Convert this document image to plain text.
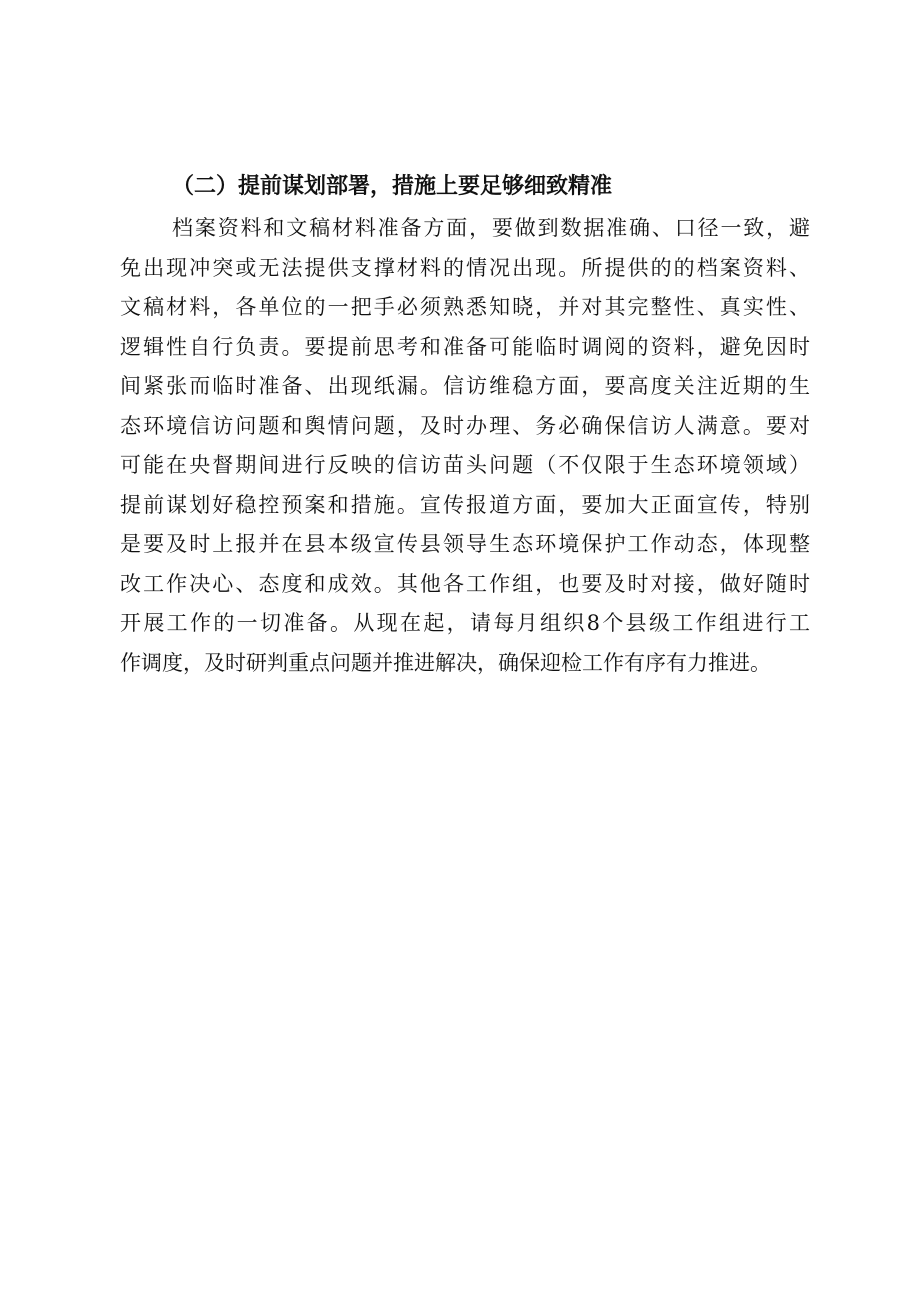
（二）提前谋划部署，措施上要足够细致精准
档案资料和文稿材料准备方面，要做到数据准确、口径一致，避
免出现冲突或无法提供支撑材料的情况出现。所提供的的档案资料、
文稿材料，各单位的一把手必须熟悉知晓，并对其完整性、真实性、
逻辑性自行负责。要提前思考和准备可能临时调阅的资料，避免因时
间紧张而临时准备、出现纸漏。信访维稳方面，要高度关注近期的生
态环境信访问题和舆情问题，及时办理、务必确保信访人满意。要对
可能在央督期间进行反映的信访苗头问题（不仅限于生态环境领域）
提前谋划好稳控预案和措施。宣传报道方面，要加大正面宣传，特别
是要及时上报并在县本级宣传县领导生态环境保护工作动态，体现整
改工作决心、态度和成效。其他各工作组，也要及时对接，做好随时
开展工作的一切准备。从现在起，请每月组织8个县级工作组进行工
作调度，及时研判重点问题并推进解决，确保迎检工作有序有力推进。
